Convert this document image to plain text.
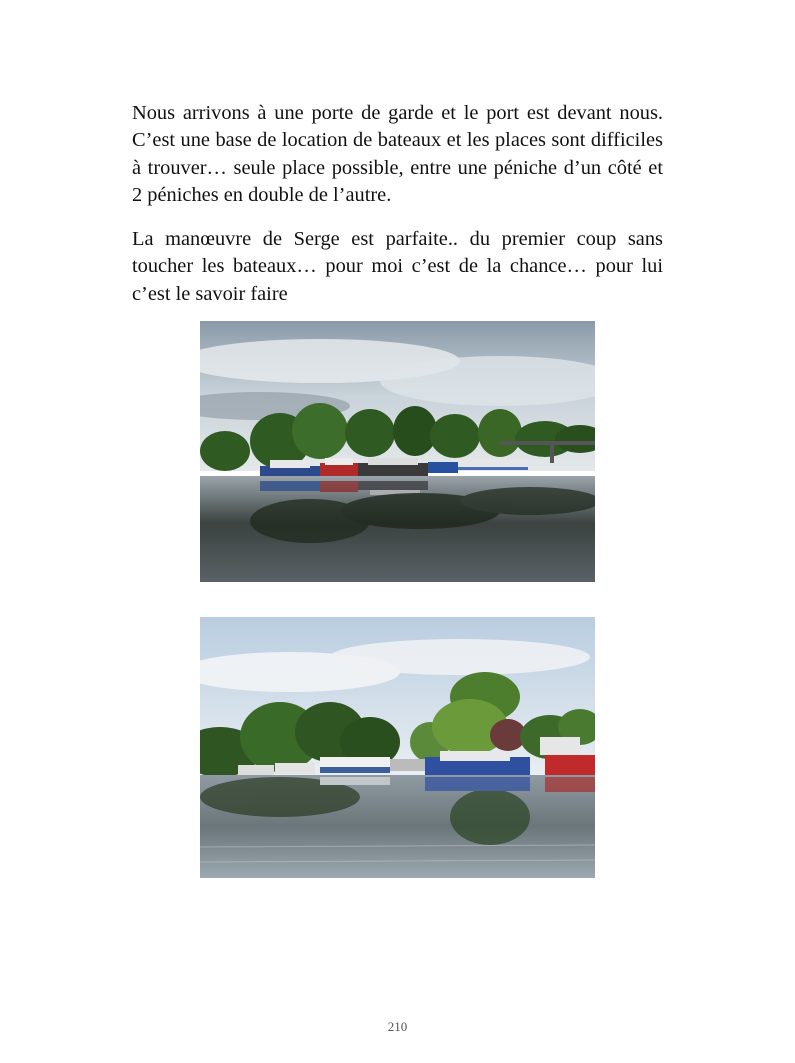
Nous arrivons à une porte de garde et le port est devant nous. C’est une base de location de bateaux et les places sont difficiles à trouver… seule place possible, entre une péniche d’un côté et 2 péniches en double de l’autre.

La manœuvre de Serge est parfaite.. du premier coup sans toucher les bateaux… pour moi c’est de la chance… pour lui c’est le savoir faire

210
